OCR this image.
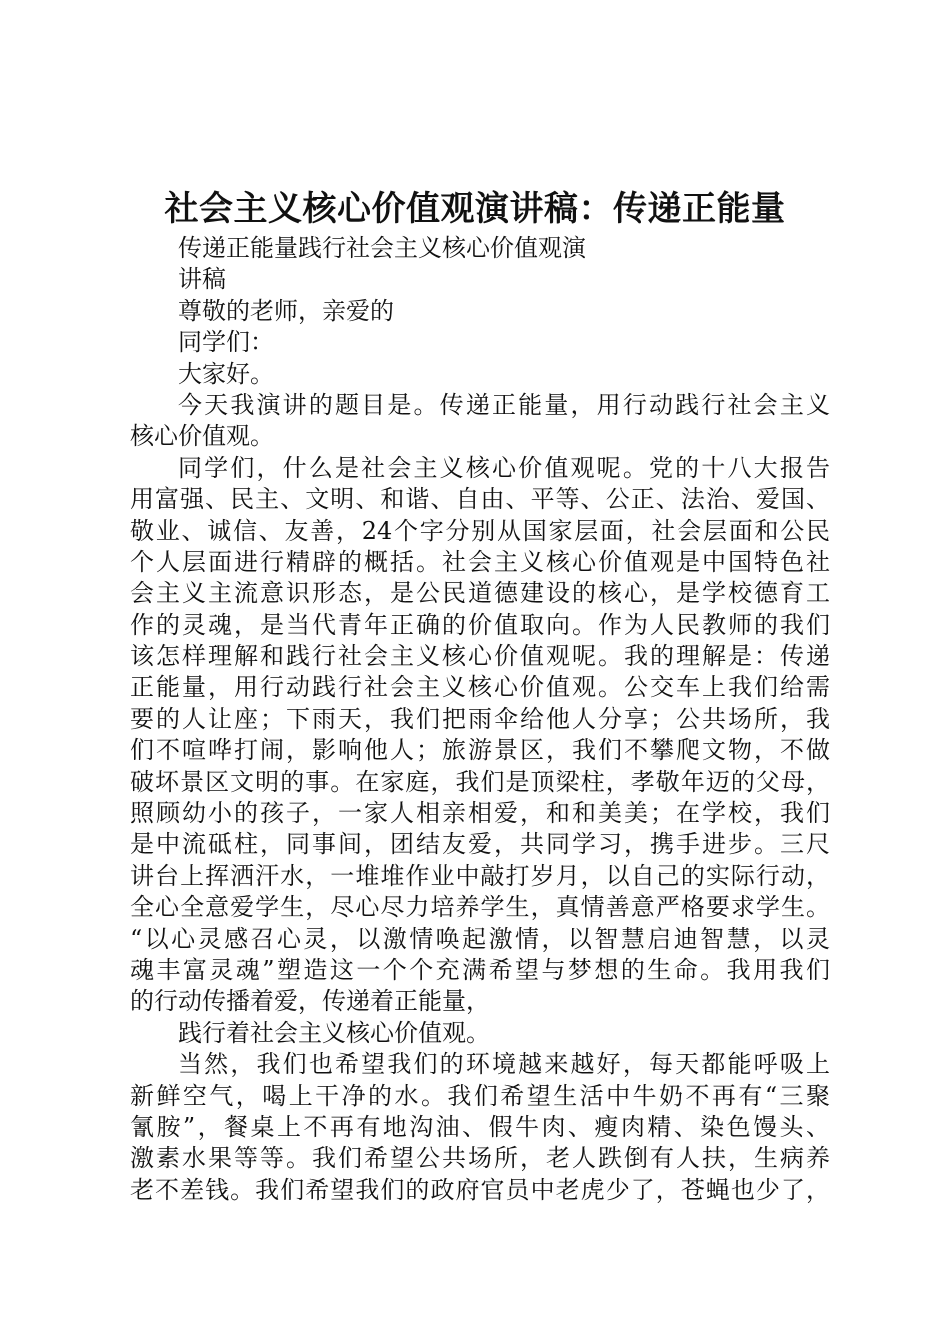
社会主义核心价值观演讲稿：传递正能量
传递正能量践行社会主义核心价值观演
讲稿
尊敬的老师，亲爱的
同学们：
大家好。
今天我演讲的题目是。传递正能量，用行动践行社会主义
核心价值观。
同学们，什么是社会主义核心价值观呢。党的十八大报告
用富强、民主、文明、和谐、自由、平等、公正、法治、爱国、
敬业、诚信、友善，24个字分别从国家层面，社会层面和公民
个人层面进行精辟的概括。社会主义核心价值观是中国特色社
会主义主流意识形态，是公民道德建设的核心，是学校德育工
作的灵魂，是当代青年正确的价值取向。作为人民教师的我们
该怎样理解和践行社会主义核心价值观呢。我的理解是：传递
正能量，用行动践行社会主义核心价值观。公交车上我们给需
要的人让座；下雨天，我们把雨伞给他人分享；公共场所，我
们不喧哗打闹，影响他人；旅游景区，我们不攀爬文物，不做
破坏景区文明的事。在家庭，我们是顶梁柱，孝敬年迈的父母，
照顾幼小的孩子，一家人相亲相爱，和和美美；在学校，我们
是中流砥柱，同事间，团结友爱，共同学习，携手进步。三尺
讲台上挥洒汗水，一堆堆作业中敲打岁月，以自己的实际行动，
全心全意爱学生，尽心尽力培养学生，真情善意严格要求学生。
“以心灵感召心灵，以激情唤起激情，以智慧启迪智慧，以灵
魂丰富灵魂”塑造这一个个充满希望与梦想的生命。我用我们
的行动传播着爱，传递着正能量，
践行着社会主义核心价值观。
当然，我们也希望我们的环境越来越好，每天都能呼吸上
新鲜空气，喝上干净的水。我们希望生活中牛奶不再有“三聚
氰胺”，餐桌上不再有地沟油、假牛肉、瘦肉精、染色馒头、
激素水果等等。我们希望公共场所，老人跌倒有人扶，生病养
老不差钱。我们希望我们的政府官员中老虎少了，苍蝇也少了，
